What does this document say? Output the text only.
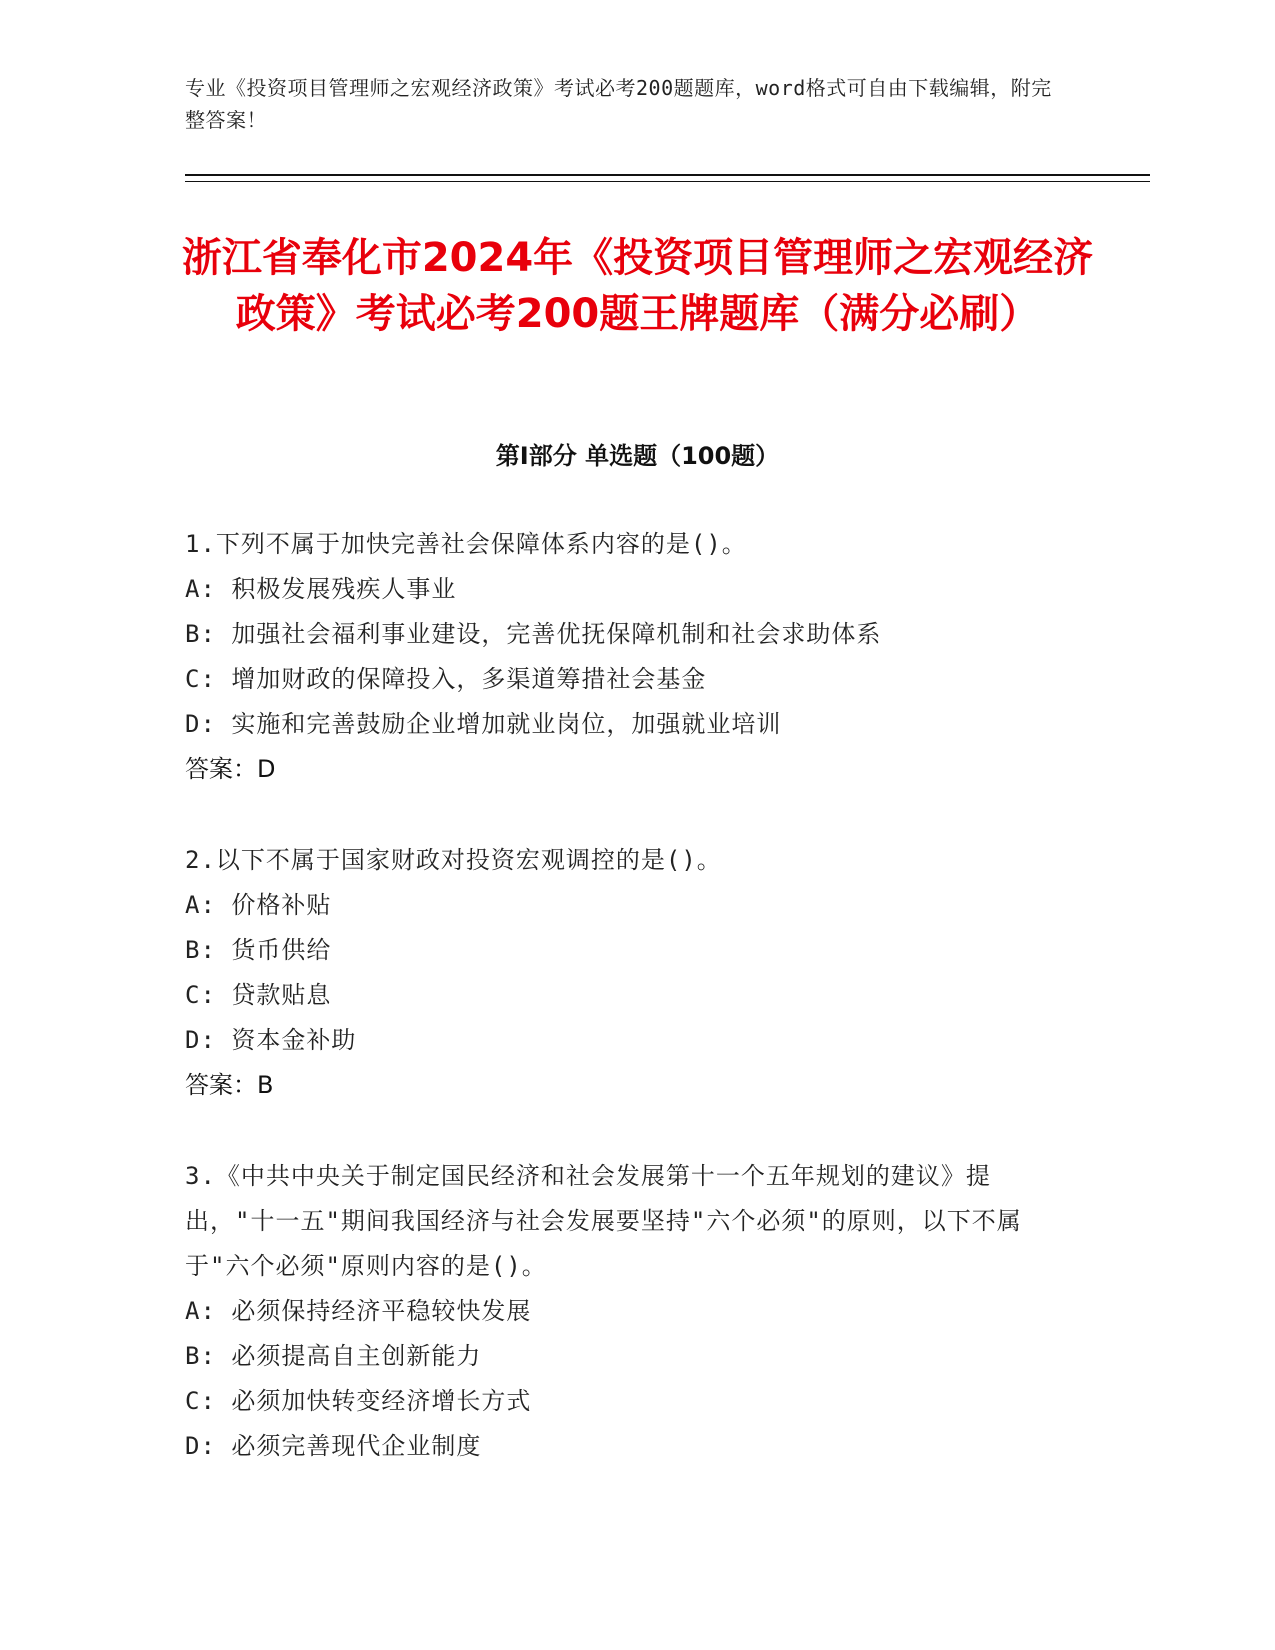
专业《投资项目管理师之宏观经济政策》考试必考200题题库，word格式可自由下载编辑，附完整答案！
浙江省奉化市2024年《投资项目管理师之宏观经济政策》考试必考200题王牌题库（满分必刷）
第Ⅰ部分 单选题（100题）

1.下列不属于加快完善社会保障体系内容的是()。

A: 积极发展残疾人事业

B: 加强社会福利事业建设，完善优抚保障机制和社会求助体系

C: 增加财政的保障投入，多渠道筹措社会基金

D: 实施和完善鼓励企业增加就业岗位，加强就业培训

答案：D

2.以下不属于国家财政对投资宏观调控的是()。

A: 价格补贴

B: 货币供给

C: 贷款贴息

D: 资本金补助

答案：B

3.《中共中央关于制定国民经济和社会发展第十一个五年规划的建议》提出，"十一五"期间我国经济与社会发展要坚持"六个必须"的原则，以下不属于"六个必须"原则内容的是()。

A: 必须保持经济平稳较快发展

B: 必须提高自主创新能力

C: 必须加快转变经济增长方式

D: 必须完善现代企业制度
